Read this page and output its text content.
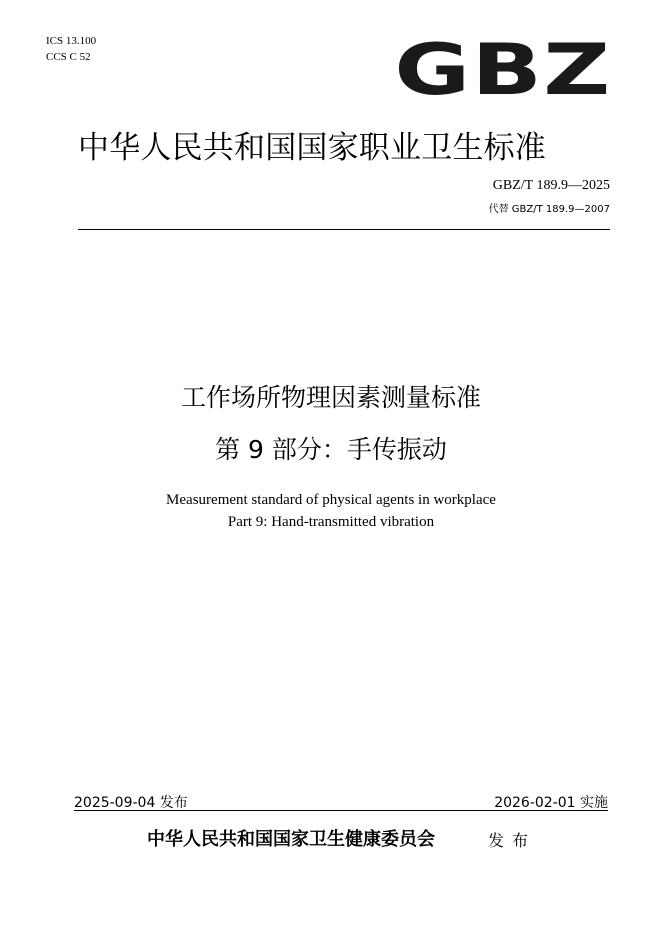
ICS 13.100
CCS C 52	GBZ
中华人民共和国国家职业卫生标准
GBZ/T 189.9—2025
代替 GBZ/T 189.9—2007
工作场所物理因素测量标准
第 9 部分：手传振动
Measurement standard of physical agents in workplace
Part 9: Hand-transmitted vibration
2025-09-04 发布	2026-02-01 实施
中华人民共和国国家卫生健康委员会	发布
